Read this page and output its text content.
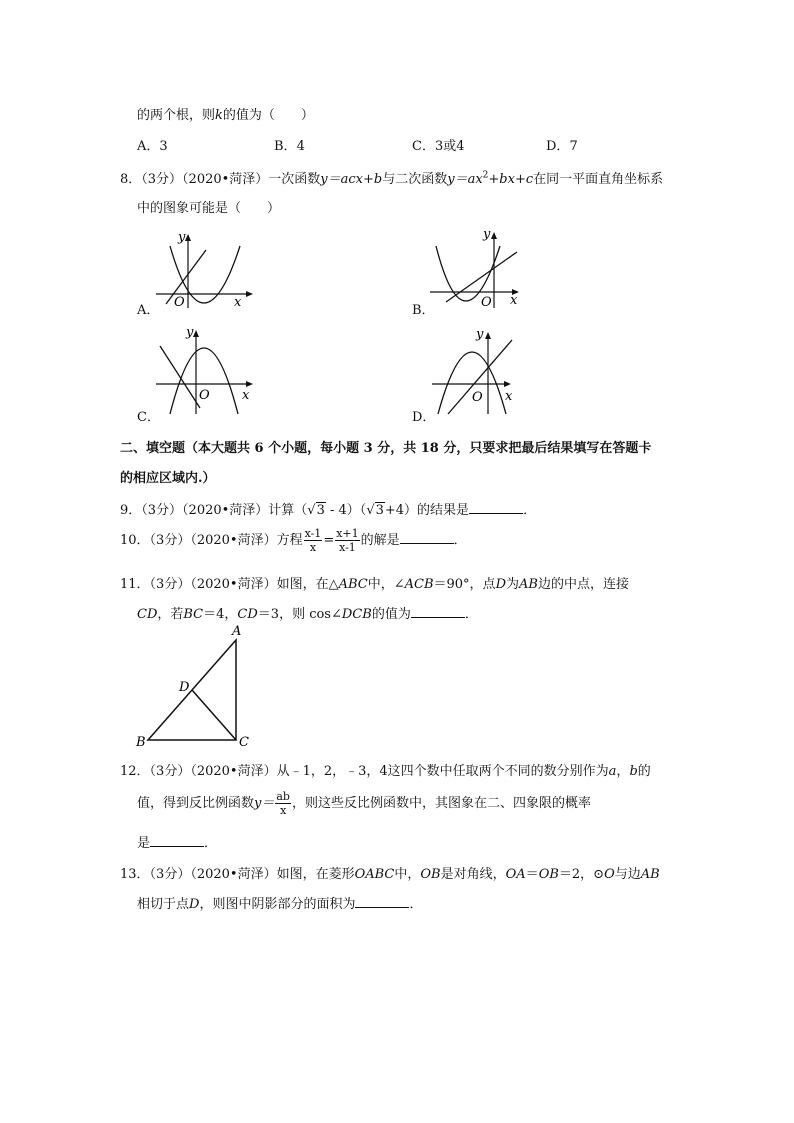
的两个根，则k的值为（　　）
A．3	B．4	C．3或4	D．7
8．（3分）（2020•菏泽）一次函数y＝acx+b与二次函数$y=ax^2+bx+c$在同一平面直角坐标系
中的图象可能是（　　）
A．
y
O	x
B．
y
O x
C．
y
O x
D．
y
O x
二、填空题（本大题共 6 个小题，每小题 3 分，共 18 分，只要求把最后结果填写在答题卡
的相应区域内.）
9．（3分）（2020•菏泽）计算（√3 - 4）（√3+4）的结果是	．
10．（3分）（2020•菏泽）方程 $\frac{x-1}{x} = \frac{x+1}{x-1}$ 的解是	．
11．（3分）（2020•菏泽）如图，在△ABC中，∠ACB＝90°，点D为AB边的中点，连接
CD，若BC＝4，CD＝3，则 cos∠DCB的值为	．
A
B	C
D
12．（3分）（2020•菏泽）从﹣1，2，﹣3，4这四个数中任取两个不同的数分别作为a，b的
值，得到反比例函数$y= \frac{ab}{x}$ ，则这些反比例函数中，其图象在二、四象限的概率
是	．
13．（3分）（2020•菏泽）如图，在菱形OABC中，OB是对角线，OA＝OB＝2，⊙O与边AB
相切于点D，则图中阴影部分的面积为	．
